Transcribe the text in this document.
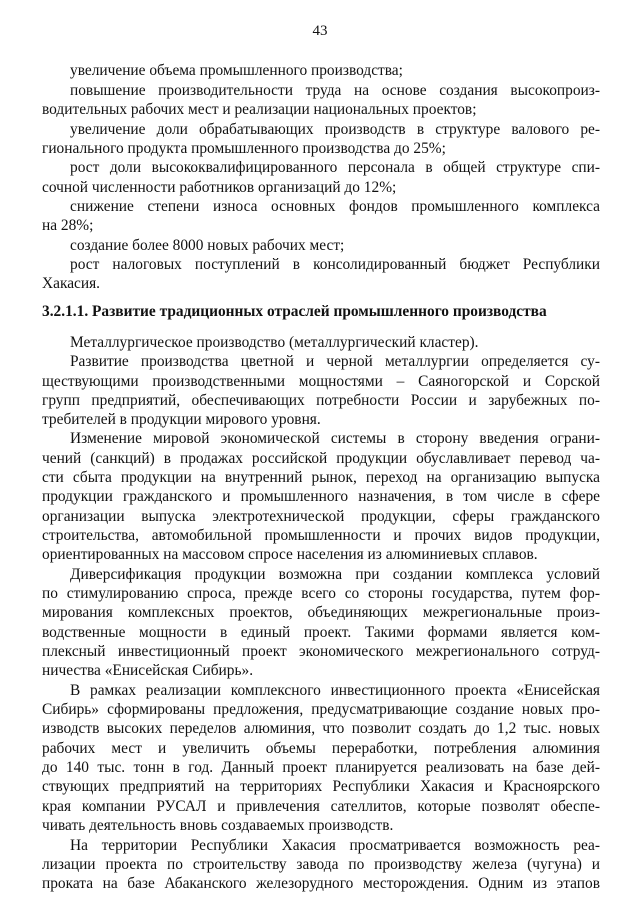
43
увеличение объема промышленного производства;
повышение производительности труда на основе создания высокопроиз-
водительных рабочих мест и реализации национальных проектов;
увеличение доли обрабатывающих производств в структуре валового ре-
гионального продукта промышленного производства до 25%;
рост доли высококвалифицированного персонала в общей структуре спи-
сочной численности работников организаций до 12%;
снижение степени износа основных фондов промышленного комплекса
на 28%;
создание более 8000 новых рабочих мест;
рост налоговых поступлений в консолидированный бюджет Республики
Хакасия.
3.2.1.1. Развитие традиционных отраслей промышленного производства
Металлургическое производство (металлургический кластер).
Развитие производства цветной и черной металлургии определяется су-
ществующими производственными мощностями – Саяногорской и Сорской
групп предприятий, обеспечивающих потребности России и зарубежных по-
требителей в продукции мирового уровня.
Изменение мировой экономической системы в сторону введения ограни-
чений (санкций) в продажах российской продукции обуславливает перевод ча-
сти сбыта продукции на внутренний рынок, переход на организацию выпуска
продукции гражданского и промышленного назначения, в том числе в сфере
организации выпуска электротехнической продукции, сферы гражданского
строительства, автомобильной промышленности и прочих видов продукции,
ориентированных на массовом спросе населения из алюминиевых сплавов.
Диверсификация продукции возможна при создании комплекса условий
по стимулированию спроса, прежде всего со стороны государства, путем фор-
мирования комплексных проектов, объединяющих межрегиональные произ-
водственные мощности в единый проект. Такими формами является ком-
плексный инвестиционный проект экономического межрегионального сотруд-
ничества «Енисейская Сибирь».
В рамках реализации комплексного инвестиционного проекта «Енисейская
Сибирь» сформированы предложения, предусматривающие создание новых про-
изводств высоких переделов алюминия, что позволит создать до 1,2 тыс. новых
рабочих мест и увеличить объемы переработки, потребления алюминия
до 140 тыс. тонн в год. Данный проект планируется реализовать на базе дей-
ствующих предприятий на территориях Республики Хакасия и Красноярского
края компании РУСАЛ и привлечения сателлитов, которые позволят обеспе-
чивать деятельность вновь создаваемых производств.
На территории Республики Хакасия просматривается возможность реа-
лизации проекта по строительству завода по производству железа (чугуна) и
проката на базе Абаканского железорудного месторождения. Одним из этапов
